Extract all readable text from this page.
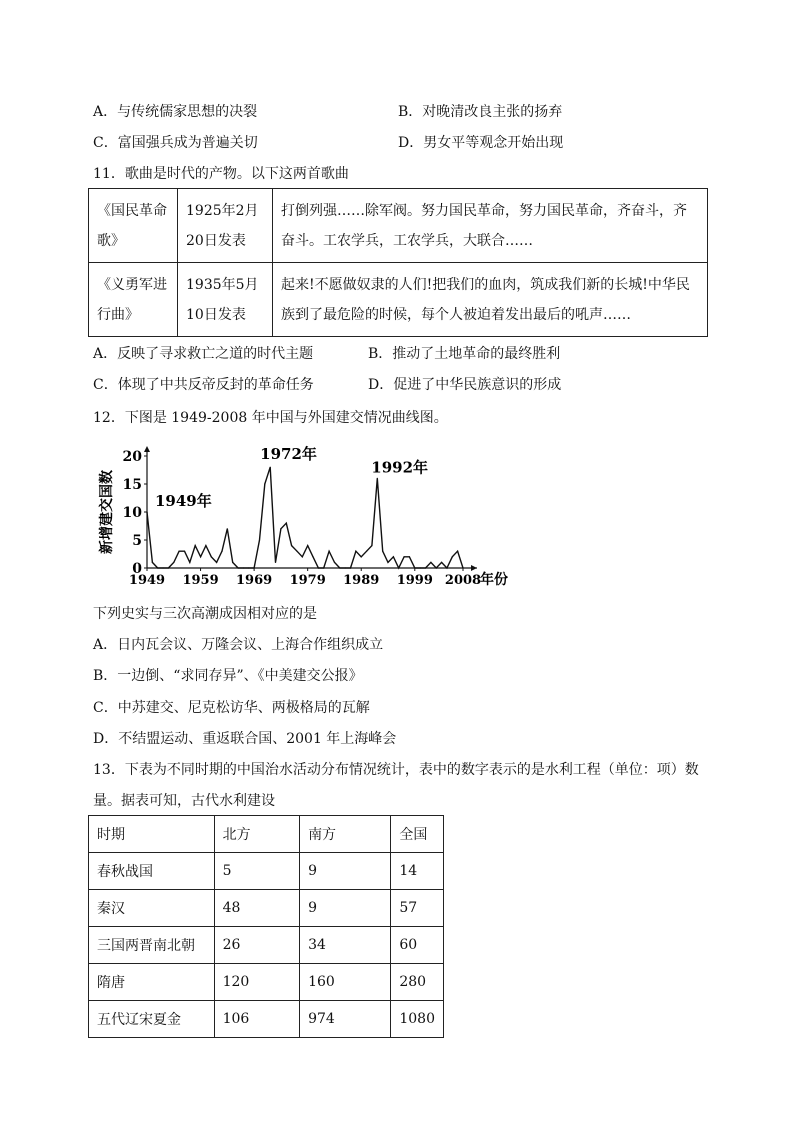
A．与传统儒家思想的决裂	B．对晚清改良主张的扬弃
C．富国强兵成为普遍关切	D．男女平等观念开始出现
11．歌曲是时代的产物。以下这两首歌曲
《国民革命歌》	1925年2月20日发表	打倒列强……除军阀。努力国民革命，努力国民革命，齐奋斗，齐奋斗。工农学兵，工农学兵，大联合……
《义勇军进行曲》	1935年5月10日发表	起来!不愿做奴隶的人们!把我们的血肉，筑成我们新的长城!中华民族到了最危险的时候，每个人被迫着发出最后的吼声……
A．反映了寻求救亡之道的时代主题	B．推动了土地革命的最终胜利
C．体现了中共反帝反封的革命任务	D．促进了中华民族意识的形成
12．下图是 1949-2008 年中国与外国建交情况曲线图。
0
5
10
15
20
1949 1959 1969 1979 1989 1999 2008
年份
新增建交国数	1949年
1972年
1992年
下列史实与三次高潮成因相对应的是
A．日内瓦会议、万隆会议、上海合作组织成立
B．一边倒、“求同存异”、《中美建交公报》
C．中苏建交、尼克松访华、两极格局的瓦解
D．不结盟运动、重返联合国、2001 年上海峰会
13．下表为不同时期的中国治水活动分布情况统计，表中的数字表示的是水利工程（单位：项）数
量。据表可知，古代水利建设
时期	北方	南方	全国
春秋战国	5	9	14
秦汉	48	9	57
三国两晋南北朝	26	34	60
隋唐	120	160	280
五代辽宋夏金	106	974	1080
